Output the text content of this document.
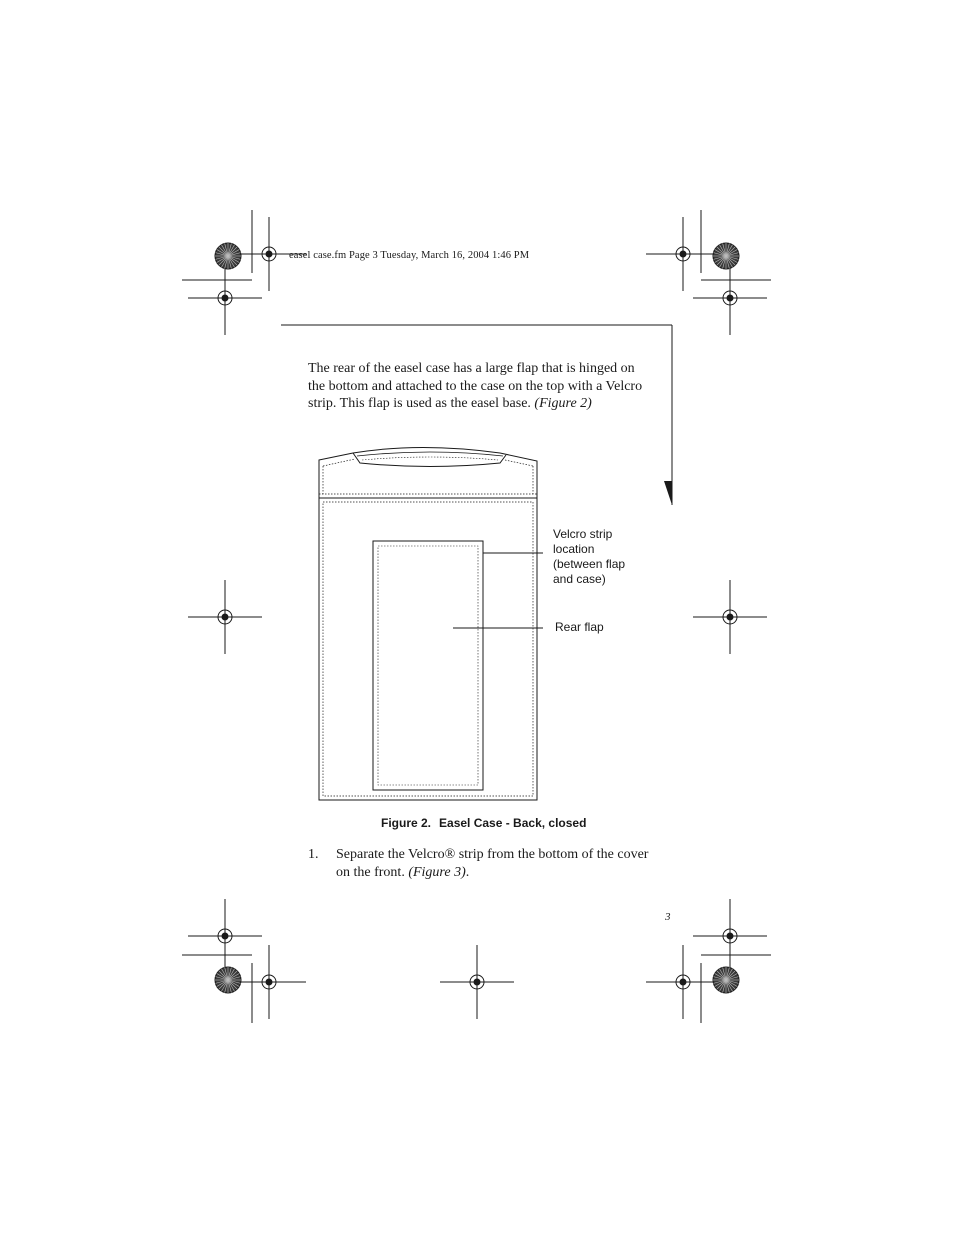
easel case.fm Page 3 Tuesday, March 16, 2004 1:46 PM

The rear of the easel case has a large flap that is hinged on

the bottom and attached to the case on the top with a Velcro

strip. This flap is used as the easel base. (Figure 2)

Velcro strip
location
(between flap
and case)
Rear flap
Figure 2. Easel Case - Back, closed
1. Separate the Velcro® strip from the bottom of the cover
on the front. (Figure 3).
3
